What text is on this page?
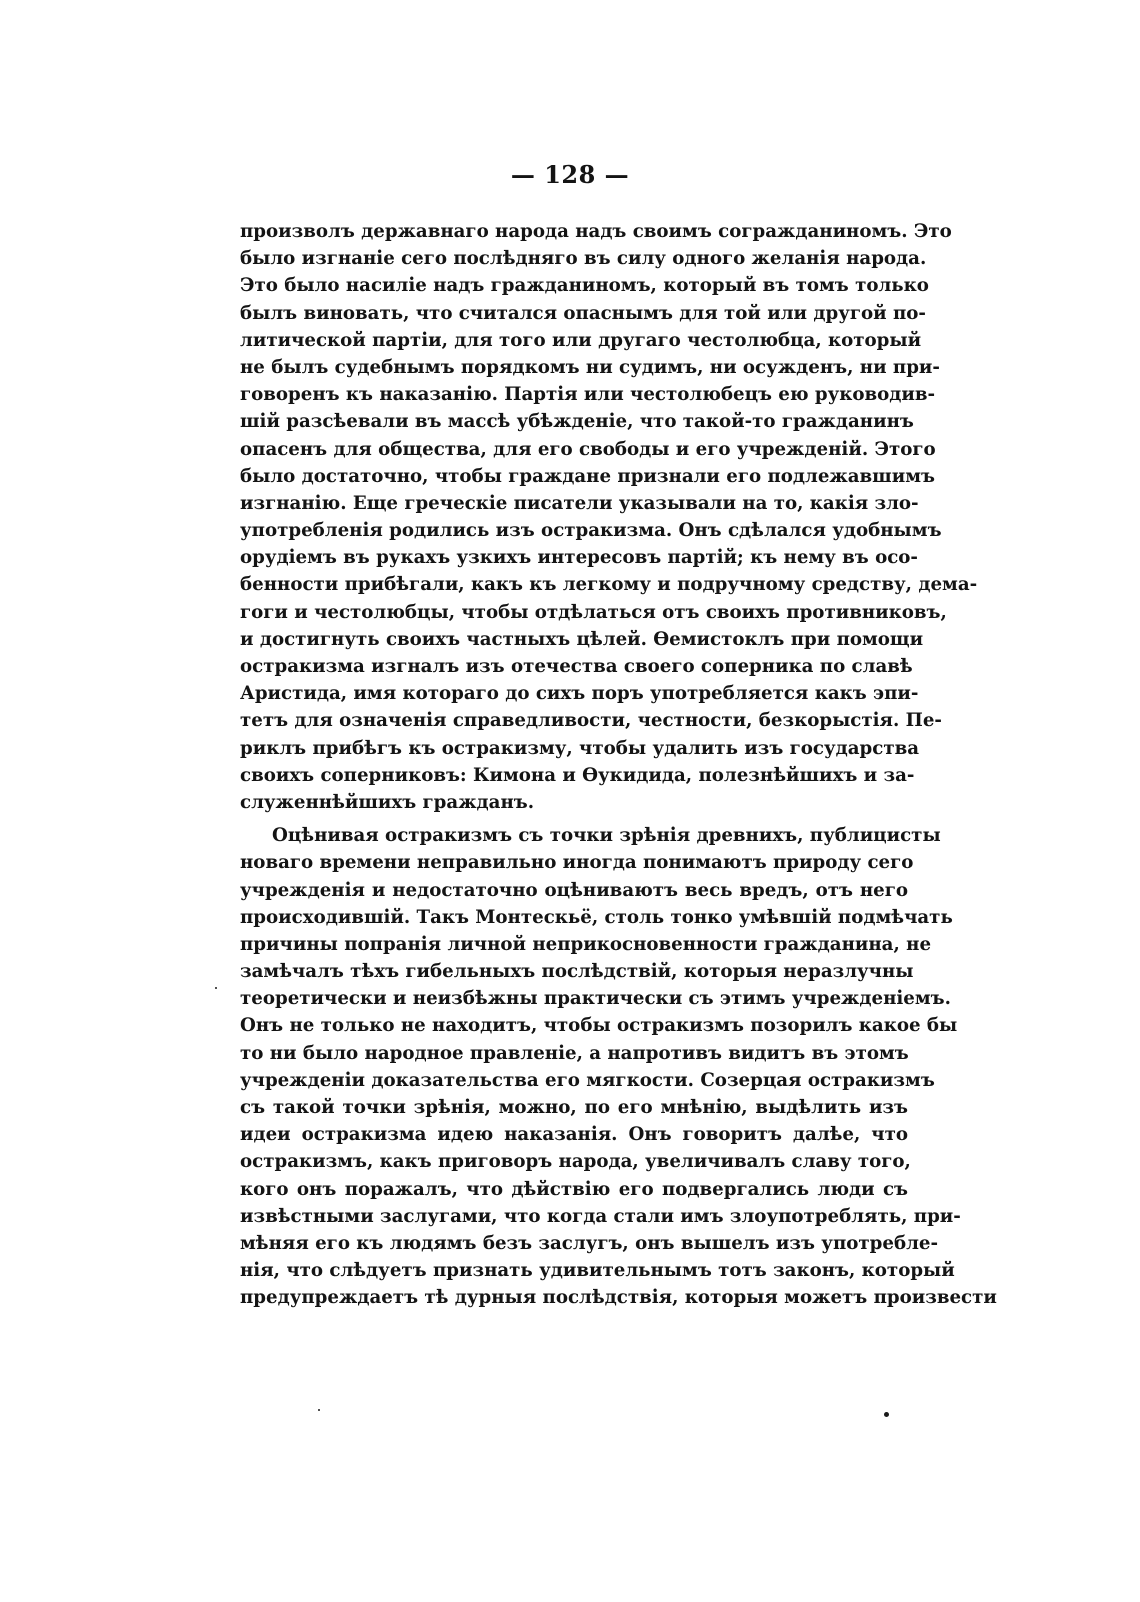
— 128 —
произволъ державнаго народа надъ своимъ согражданиномъ. Это
было изгнаніе сего послѣдняго въ силу одного желанія народа.
Это было насиліе надъ гражданиномъ, который въ томъ только
былъ виновать, что считался опаснымъ для той или другой по-
литической партіи, для того или другаго честолюбца, который
не былъ судебнымъ порядкомъ ни судимъ, ни осужденъ, ни при-
говоренъ къ наказанію. Партія или честолюбецъ ею руководив-
шій разсѣевали въ массѣ убѣжденіе, что такой-то гражданинъ
опасенъ для общества, для его свободы и его учрежденій. Этого
было достаточно, чтобы граждане признали его подлежавшимъ
изгнанію. Еще греческіе писатели указывали на то, какія зло-
употребленія родились изъ остракизма. Онъ сдѣлался удобнымъ
орудіемъ въ рукахъ узкихъ интересовъ партій; къ нему въ осо-
бенности прибѣгали, какъ къ легкому и подручному средству, дема-
гоги и честолюбцы, чтобы отдѣлаться отъ своихъ противниковъ,
и достигнуть своихъ частныхъ цѣлей. Ѳемистоклъ при помощи
остракизма изгналъ изъ отечества своего соперника по славѣ
Аристида, имя котораго до сихъ поръ употребляется какъ эпи-
тетъ для означенія справедливости, честности, безкорыстія. Пе-
риклъ прибѣгъ къ остракизму, чтобы удалить изъ государства
своихъ соперниковъ: Кимона и Ѳукидида, полезнѣйшихъ и за-
служеннѣйшихъ гражданъ.
Оцѣнивая остракизмъ съ точки зрѣнія древнихъ, публицисты
новаго времени неправильно иногда понимаютъ природу сего
учрежденія и недостаточно оцѣниваютъ весь вредъ, отъ него
происходившій. Такъ Монтескьё, столь тонко умѣвшій подмѣчать
причины попранія личной неприкосновенности гражданина, не
замѣчалъ тѣхъ гибельныхъ послѣдствій, которыя неразлучны
теоретически и неизбѣжны практически съ этимъ учрежденіемъ.
Онъ не только не находитъ, чтобы остракизмъ позорилъ какое бы
то ни было народное правленіе, а напротивъ видитъ въ этомъ
учрежденіи доказательства его мягкости. Созерцая остракизмъ
съ такой точки зрѣнія, можно, по его мнѣнію, выдѣлить изъ
идеи остракизма идею наказанія. Онъ говоритъ далѣе, что
остракизмъ, какъ приговоръ народа, увеличивалъ славу того,
кого онъ поражалъ, что дѣйствію его подвергались люди съ
извѣстными заслугами, что когда стали имъ злоупотреблять, при-
мѣняя его къ людямъ безъ заслугъ, онъ вышелъ изъ употребле-
нія, что слѣдуетъ признать удивительнымъ тотъ законъ, который
предупреждаетъ тѣ дурныя послѣдствія, которыя можетъ произвести
